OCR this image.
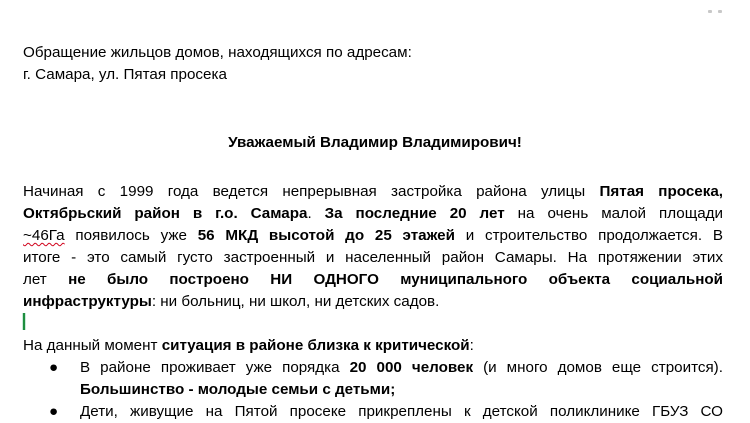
Обращение жильцов домов, находящихся по адресам:
г. Самара, ул. Пятая просека
Уважаемый Владимир Владимирович!
Начиная с 1999 года ведется непрерывная застройка района улицы Пятая просека,
Октябрьский район в г.о. Самара. За последние 20 лет на очень малой площади
~46Га появилось уже 56 МКД высотой до 25 этажей и строительство продолжается. В
итоге - это самый густо застроенный и населенный район Самары. На протяжении этих
лет не было построено НИ ОДНОГО муниципального объекта социальной
инфраструктуры: ни больниц, ни школ, ни детских садов.
На данный момент ситуация в районе близка к критической:
● В районе проживает уже порядка 20 000 человек (и много домов еще строится).
Большинство - молодые семьи с детьми;
● Дети, живущие на Пятой просеке прикреплены к детской поликлинике ГБУЗ СО
